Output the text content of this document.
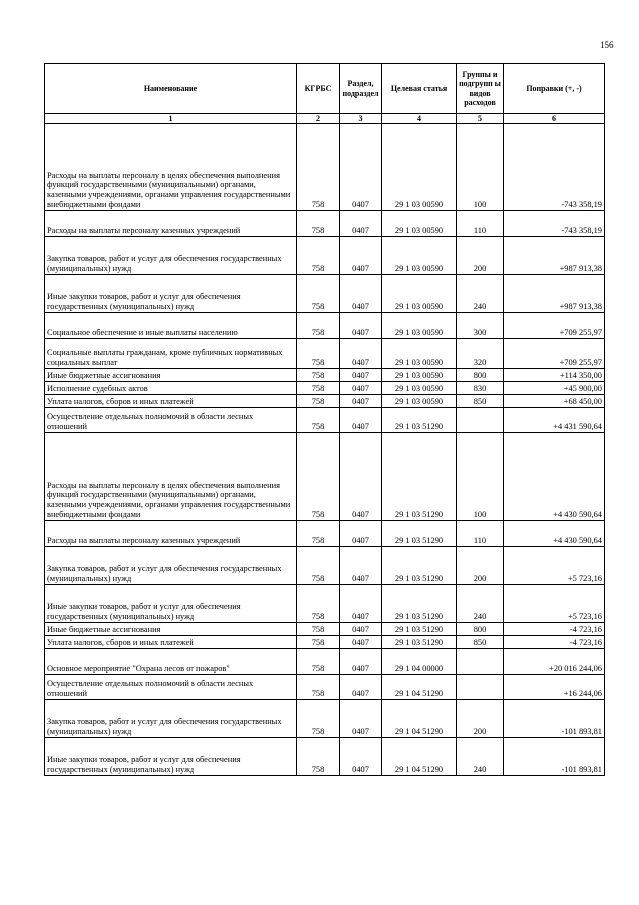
156
Наименование	КГРБС	Раздел, подраздел	Целевая статья	Группы и подгрупп ы видов расходов	Поправки (+, -)
1	2	3	4	5	6
Расходы на выплаты персоналу в целях обеспечения выполнения функций государственными (муниципальными) органами, казенными учреждениями, органами управления государственными внебюджетными фондами	758	0407	29 1 03 00590	100	-743 358,19
Расходы на выплаты персоналу казенных учреждений	758	0407	29 1 03 00590	110	-743 358,19
Закупка товаров, работ и услуг для обеспечения государственных (муниципальных) нужд	758	0407	29 1 03 00590	200	+987 913,38
Иные закупки товаров, работ и услуг для обеспечения государственных (муниципальных) нужд	758	0407	29 1 03 00590	240	+987 913,38
Социальное обеспечение и иные выплаты населению	758	0407	29 1 03 00590	300	+709 255,97
Социальные выплаты гражданам, кроме публичных нормативных социальных выплат	758	0407	29 1 03 00590	320	+709 255,97
Иные бюджетные ассигнования	758	0407	29 1 03 00590	800	+114 350,00
Исполнение судебных актов	758	0407	29 1 03 00590	830	+45 900,00
Уплата налогов, сборов и иных платежей	758	0407	29 1 03 00590	850	+68 450,00
Осуществление отдельных полномочий в области лесных отношений	758	0407	29 1 03 51290		+4 431 590,64
Расходы на выплаты персоналу в целях обеспечения выполнения функций государственными (муниципальными) органами, казенными учреждениями, органами управления государственными внебюджетными фондами	758	0407	29 1 03 51290	100	+4 430 590,64
Расходы на выплаты персоналу казенных учреждений	758	0407	29 1 03 51290	110	+4 430 590,64
Закупка товаров, работ и услуг для обеспечения государственных (муниципальных) нужд	758	0407	29 1 03 51290	200	+5 723,16
Иные закупки товаров, работ и услуг для обеспечения государственных (муниципальных) нужд	758	0407	29 1 03 51290	240	+5 723,16
Иные бюджетные ассигнования	758	0407	29 1 03 51290	800	-4 723,16
Уплата налогов, сборов и иных платежей	758	0407	29 1 03 51290	850	-4 723,16
Основное мероприятие "Охрана лесов от пожаров"	758	0407	29 1 04 00000		+20 016 244,06
Осуществление отдельных полномочий в области лесных отношений	758	0407	29 1 04 51290		+16 244,06
Закупка товаров, работ и услуг для обеспечения государственных (муниципальных) нужд	758	0407	29 1 04 51290	200	-101 893,81
Иные закупки товаров, работ и услуг для обеспечения государственных (муниципальных) нужд	758	0407	29 1 04 51290	240	-101 893,81
